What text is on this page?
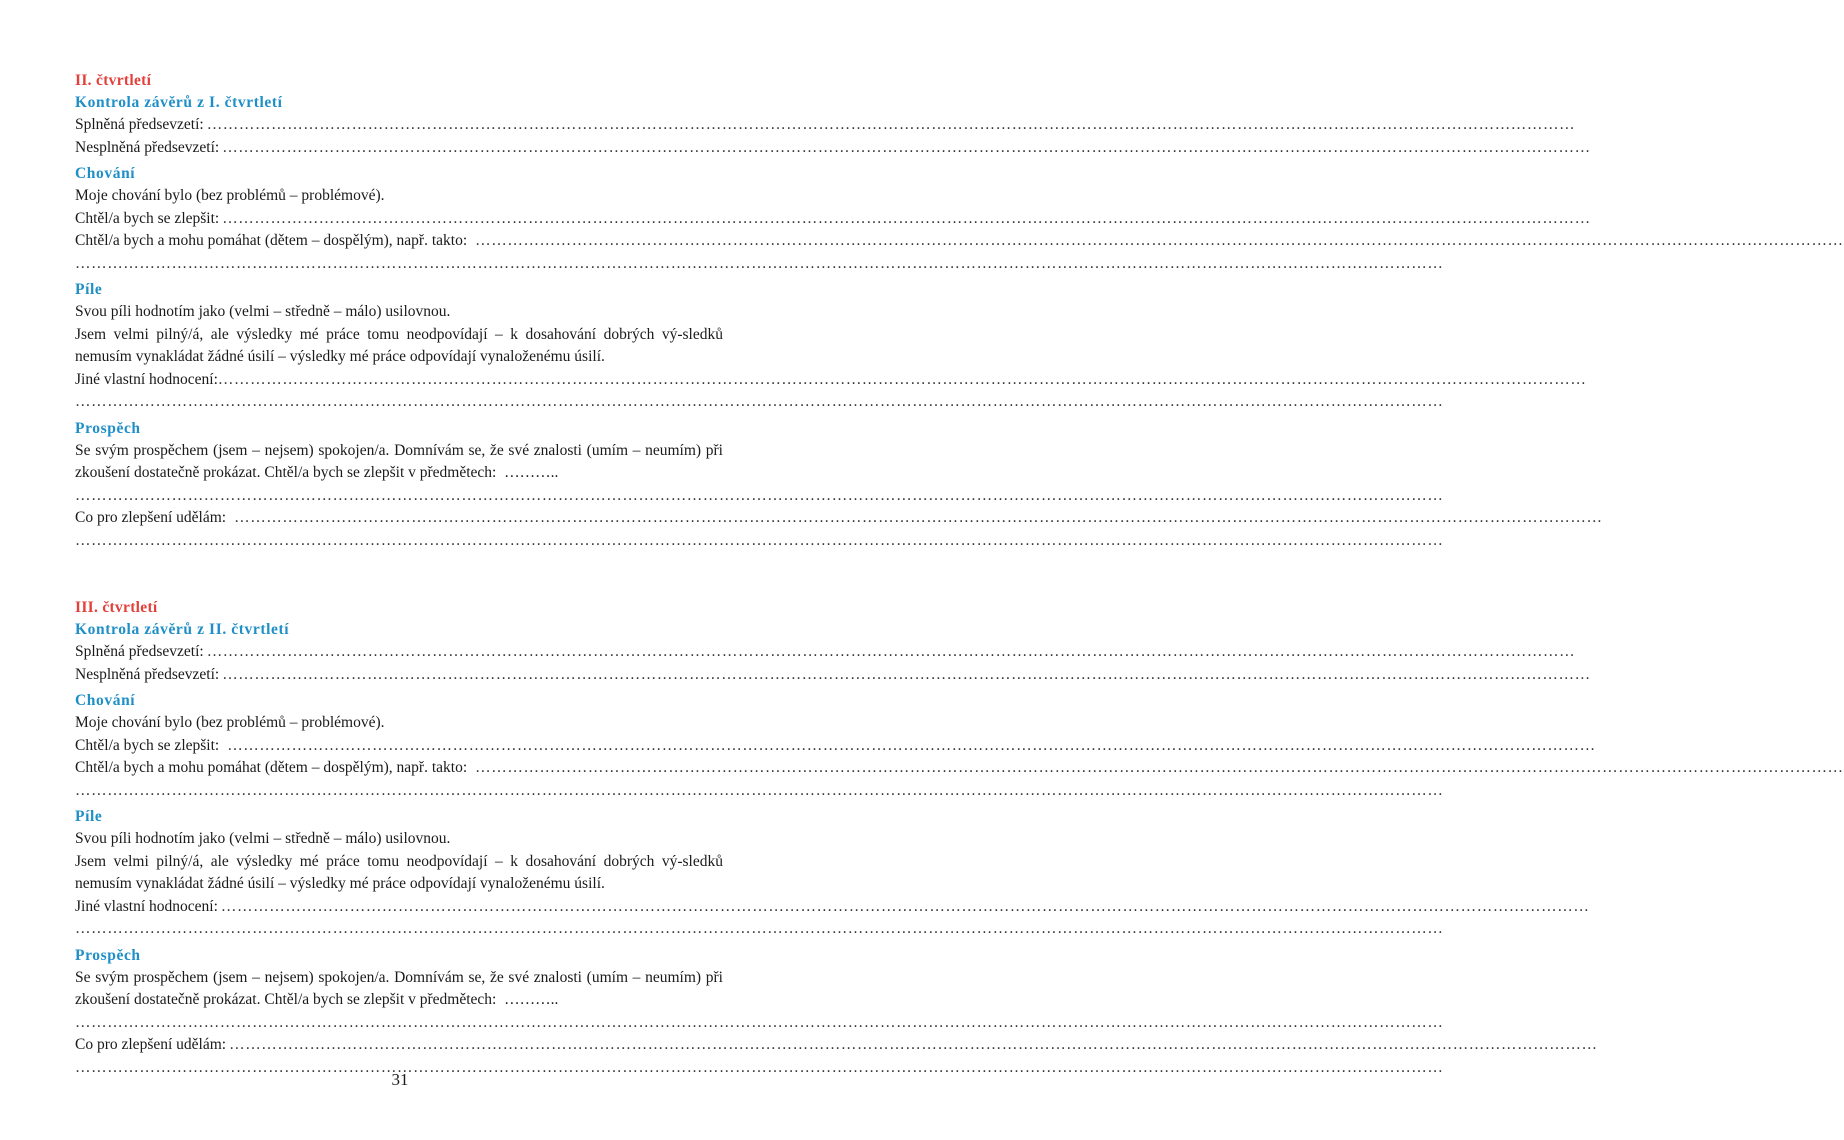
II. čtvrtletí

Kontrola závěrů z I. čtvrtletí

Splněná předsevzetí: …………………………………………………………………………………………………………………………………………………………………………………………………………………………………
Nesplněná předsevzetí: …………………………………………………………………………………………………………………………………………………………………………………………………………………………………

Chování

Moje chování bylo (bez problémů – problémové).

Chtěl/a bych se zlepšit: …………………………………………………………………………………………………………………………………………………………………………………………………………………………………
Chtěl/a bych a mohu pomáhat (dětem – dospělým), např. takto: …………………………………………………………………………………………………………………………………………………………………………………………………………………………………
…………………………………………………………………………………………………………………………………………………………………………………………………………………………………

Píle

Svou píli hodnotím jako (velmi – středně – málo) usilovnou.

Jsem velmi pilný/á, ale výsledky mé práce tomu neodpovídají – k dosahování dobrých vý-sledků nemusím vynakládat žádné úsilí – výsledky mé práce odpovídají vynaloženému úsilí.

Jiné vlastní hodnocení: …………………………………………………………………………………………………………………………………………………………………………………………………………………………………
…………………………………………………………………………………………………………………………………………………………………………………………………………………………………

Prospěch

Se svým prospěchem (jsem – nejsem) spokojen/a. Domnívám se, že své znalosti (umím – neumím) při zkoušení dostatečně prokázat. Chtěl/a bych se zlepšit v předmětech:  ………..

…………………………………………………………………………………………………………………………………………………………………………………………………………………………………
Co pro zlepšení udělám: …………………………………………………………………………………………………………………………………………………………………………………………………………………………………
…………………………………………………………………………………………………………………………………………………………………………………………………………………………………

III. čtvrtletí

Kontrola závěrů z II. čtvrtletí

Splněná předsevzetí: …………………………………………………………………………………………………………………………………………………………………………………………………………………………………
Nesplněná předsevzetí: …………………………………………………………………………………………………………………………………………………………………………………………………………………………………

Chování

Moje chování bylo (bez problémů – problémové).

Chtěl/a bych se zlepšit: …………………………………………………………………………………………………………………………………………………………………………………………………………………………………
Chtěl/a bych a mohu pomáhat (dětem – dospělým), např. takto: …………………………………………………………………………………………………………………………………………………………………………………………………………………………………
…………………………………………………………………………………………………………………………………………………………………………………………………………………………………

Píle

Svou píli hodnotím jako (velmi – středně – málo) usilovnou.

Jsem velmi pilný/á, ale výsledky mé práce tomu neodpovídají – k dosahování dobrých vý-sledků nemusím vynakládat žádné úsilí – výsledky mé práce odpovídají vynaloženému úsilí.

Jiné vlastní hodnocení: …………………………………………………………………………………………………………………………………………………………………………………………………………………………………
…………………………………………………………………………………………………………………………………………………………………………………………………………………………………

Prospěch

Se svým prospěchem (jsem – nejsem) spokojen/a. Domnívám se, že své znalosti (umím – neumím) při zkoušení dostatečně prokázat. Chtěl/a bych se zlepšit v předmětech:  ………..

…………………………………………………………………………………………………………………………………………………………………………………………………………………………………
Co pro zlepšení udělám: …………………………………………………………………………………………………………………………………………………………………………………………………………………………………
…………………………………………………………………………………………………………………………………………………………………………………………………………………………………
31
